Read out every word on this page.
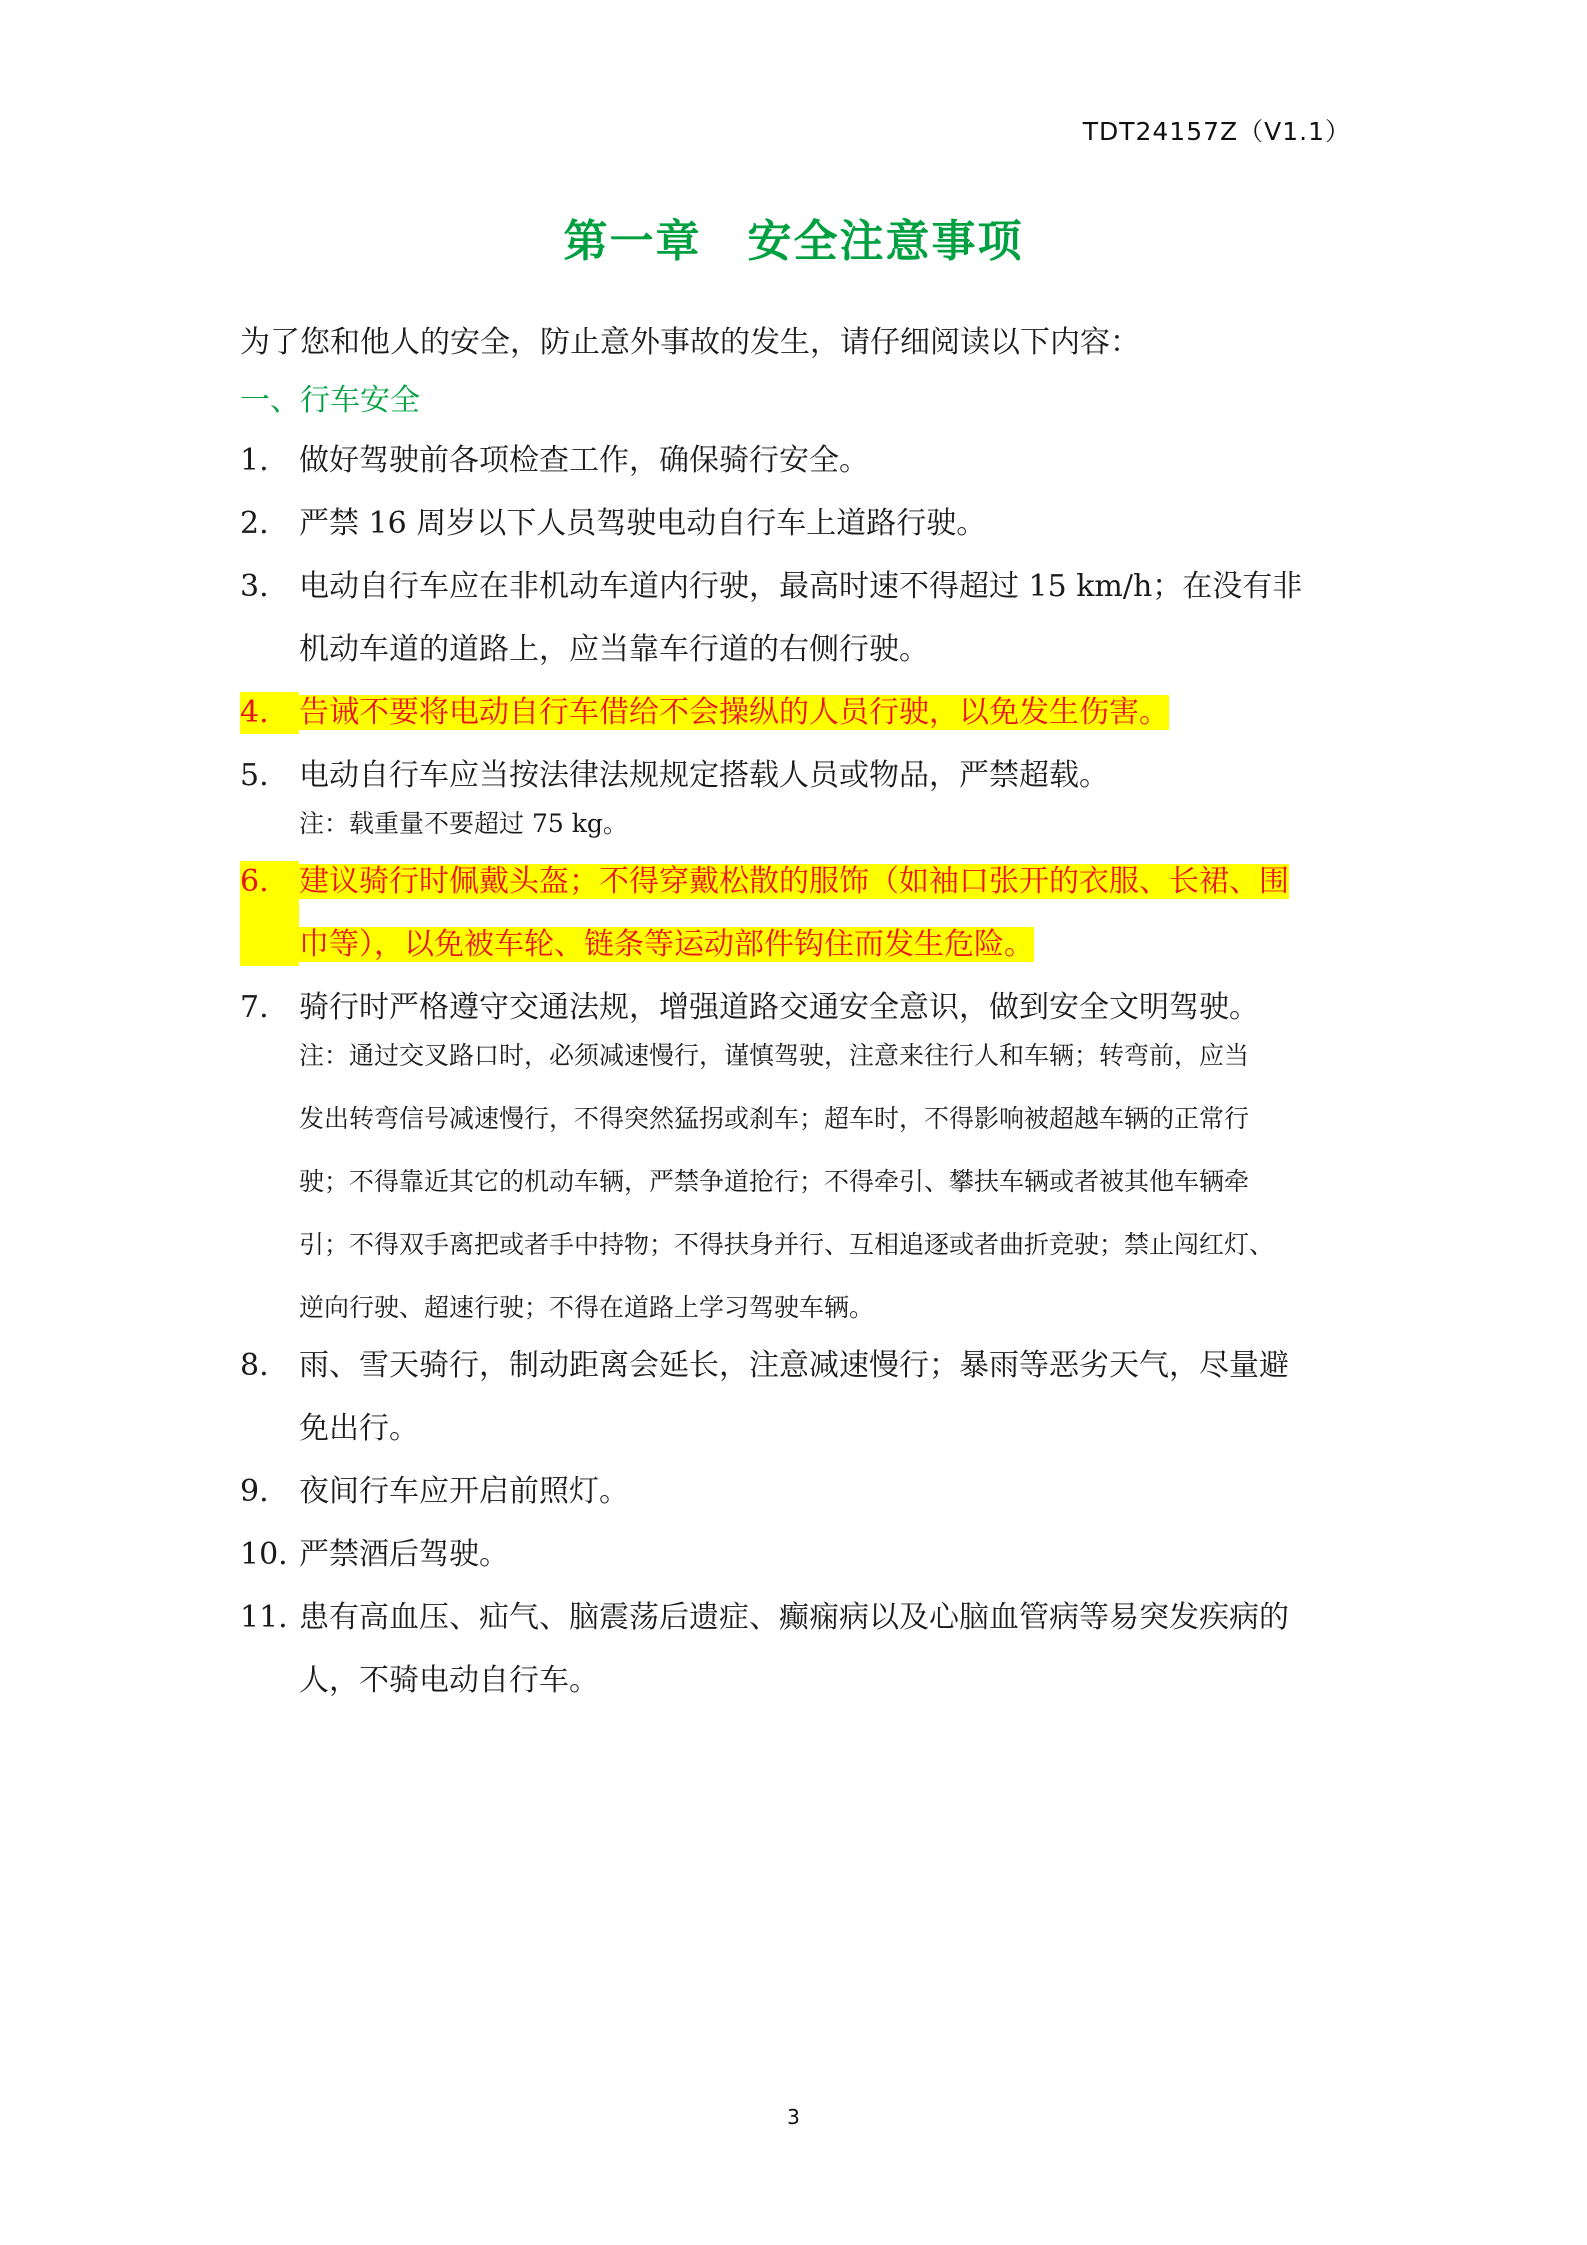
TDT24157Z（V1.1）
第一章　安全注意事项
为了您和他人的安全，防止意外事故的发生，请仔细阅读以下内容：
一、行车安全
1.	做好驾驶前各项检查工作，确保骑行安全。
2.	严禁 16 周岁以下人员驾驶电动自行车上道路行驶。
3.	电动自行车应在非机动车道内行驶，最高时速不得超过 15 km/h；在没有非
机动车道的道路上，应当靠车行道的右侧行驶。
4.	告诫不要将电动自行车借给不会操纵的人员行驶，以免发生伤害。
5.	电动自行车应当按法律法规规定搭载人员或物品，严禁超载。
注：载重量不要超过 75 kg。
6.	建议骑行时佩戴头盔；不得穿戴松散的服饰（如袖口张开的衣服、长裙、围
巾等），以免被车轮、链条等运动部件钩住而发生危险。
7.	骑行时严格遵守交通法规，增强道路交通安全意识，做到安全文明驾驶。
注：通过交叉路口时，必须减速慢行，谨慎驾驶，注意来往行人和车辆；转弯前，应当
发出转弯信号减速慢行，不得突然猛拐或刹车；超车时，不得影响被超越车辆的正常行
驶；不得靠近其它的机动车辆，严禁争道抢行；不得牵引、攀扶车辆或者被其他车辆牵
引；不得双手离把或者手中持物；不得扶身并行、互相追逐或者曲折竞驶；禁止闯红灯、
逆向行驶、超速行驶；不得在道路上学习驾驶车辆。
8.	雨、雪天骑行，制动距离会延长，注意减速慢行；暴雨等恶劣天气，尽量避
免出行。
9.	夜间行车应开启前照灯。
10. 严禁酒后驾驶。
11. 患有高血压、疝气、脑震荡后遗症、癫痫病以及心脑血管病等易突发疾病的
人，不骑电动自行车。
3
